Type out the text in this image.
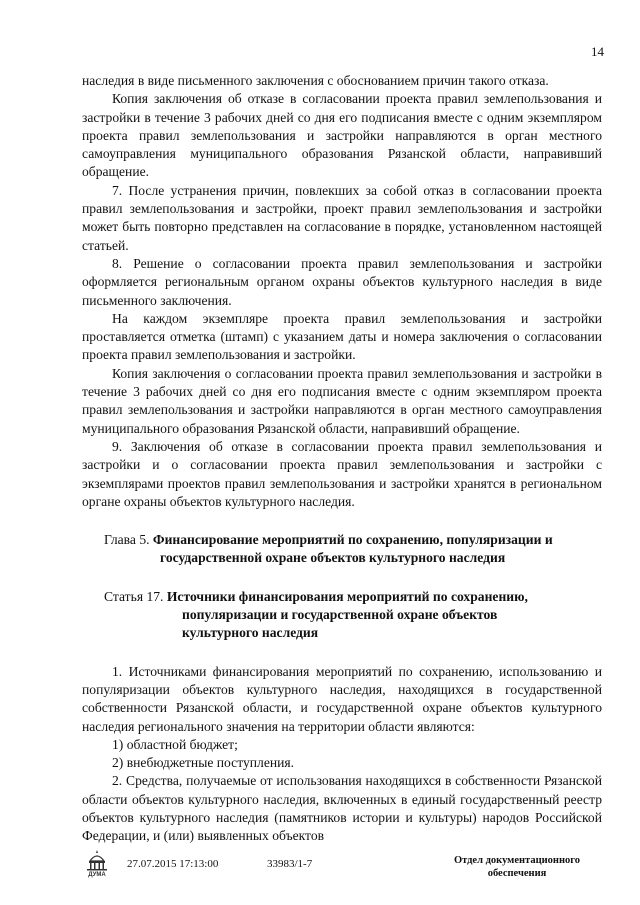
14

наследия в виде письменного заключения с обоснованием причин такого отказа.

Копия заключения об отказе в согласовании проекта правил землепользования и застройки в течение 3 рабочих дней со дня его подписания вместе с одним экземпляром проекта правил землепользования и застройки направляются в орган местного самоуправления муниципального образования Рязанской области, направивший обращение.

7. После устранения причин, повлекших за собой отказ в согласовании проекта правил землепользования и застройки, проект правил землепользования и застройки может быть повторно представлен на согласование в порядке, установленном настоящей статьей.

8. Решение о согласовании проекта правил землепользования и застройки оформляется региональным органом охраны объектов культурного наследия в виде письменного заключения.

На каждом экземпляре проекта правил землепользования и застройки проставляется отметка (штамп) с указанием даты и номера заключения о согласовании проекта правил землепользования и застройки.

Копия заключения о согласовании проекта правил землепользования и застройки в течение 3 рабочих дней со дня его подписания вместе с одним экземпляром проекта правил землепользования и застройки направляются в орган местного самоуправления муниципального образования Рязанской области, направивший обращение.

9. Заключения об отказе в согласовании проекта правил землепользования и застройки и о согласовании проекта правил землепользования и застройки с экземплярами проектов правил землепользования и застройки хранятся в региональном органе охраны объектов культурного наследия.

Глава 5. Финансирование мероприятий по сохранению, популяризации и
государственной охране объектов культурного наследия
Статья 17. Источники финансирования мероприятий по сохранению,
популяризации и государственной охране объектов
культурного наследия

1. Источниками финансирования мероприятий по сохранению, использованию и популяризации объектов культурного наследия, находящихся в государственной собственности Рязанской области, и государственной охране объектов культурного наследия регионального значения на территории области являются:

1) областной бюджет;

2) внебюджетные поступления.

2. Средства, получаемые от использования находящихся в собственности Рязанской области объектов культурного наследия, включенных в единый государственный реестр объектов культурного наследия (памятников истории и культуры) народов Российской Федерации, и (или) выявленных объектов

ДУМА
27.07.2015 17:13:00	33983/1-7	Отдел документационного
обеспечения
